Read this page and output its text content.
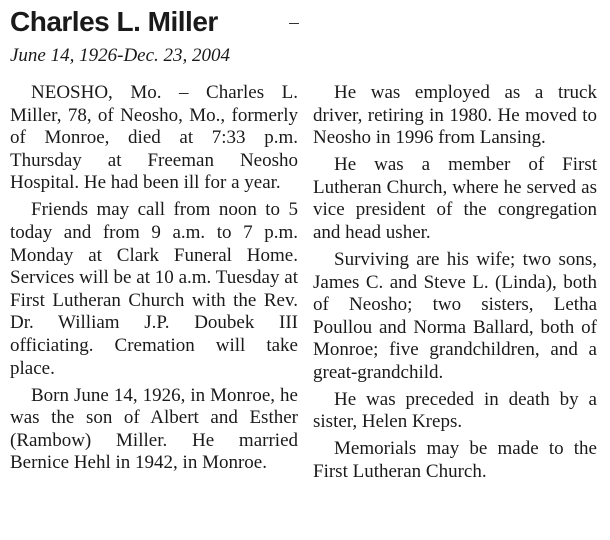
Charles L. Miller
June 14, 1926-Dec. 23, 2004

NEOSHO, Mo. – Charles L. Miller, 78, of Neosho, Mo., formerly of Monroe, died at 7:33 p.m. Thursday at Freeman Neosho Hospital. He had been ill for a year.

Friends may call from noon to 5 today and from 9 a.m. to 7 p.m. Monday at Clark Funeral Home. Services will be at 10 a.m. Tuesday at First Lutheran Church with the Rev. Dr. William J.P. Doubek III officiating. Cremation will take place.

Born June 14, 1926, in Monroe, he was the son of Albert and Esther (Rambow) Miller. He married Bernice Hehl in 1942, in Monroe.

He was employed as a truck driver, retiring in 1980. He moved to Neosho in 1996 from Lansing.

He was a member of First Lutheran Church, where he served as vice president of the congregation and head usher.

Surviving are his wife; two sons, James C. and Steve L. (Linda), both of Neosho; two sisters, Letha Poullou and Norma Ballard, both of Monroe; five grandchildren, and a great-grandchild.

He was preceded in death by a sister, Helen Kreps.

Memorials may be made to the First Lutheran Church.
